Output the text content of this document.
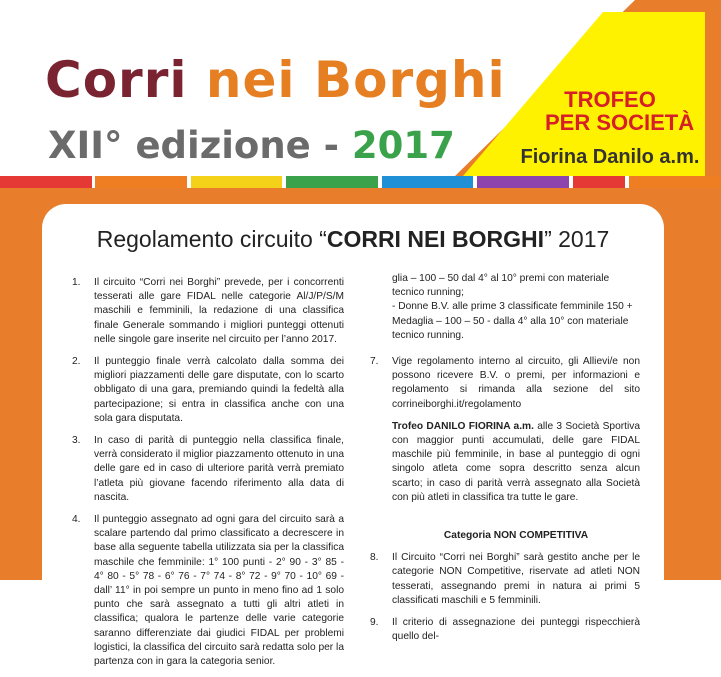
Corri nei Borghi
XII° edizione - 2017
TROFEO
PER SOCIETÀ
Fiorina Danilo a.m.
Regolamento circuito “CORRI NEI BORGHI” 2017
1.	Il circuito “Corri nei Borghi” prevede, per i concorrenti tesserati alle gare FIDAL nelle categorie Al/J/P/S/M maschili e femminili, la redazione di una classifica finale Generale sommando i migliori punteggi ottenuti nelle singole gare inserite nel circuito per l’anno 2017.
2.	Il punteggio finale verrà calcolato dalla somma dei migliori piazzamenti delle gare disputate, con lo scarto obbligato di una gara, premiando quindi la fedeltà alla partecipazione; si entra in classifica anche con una sola gara disputata.
3.	In caso di parità di punteggio nella classifica finale, verrà considerato il miglior piazzamento ottenuto in una delle gare ed in caso di ulteriore parità verrà premiato l’atleta più giovane facendo riferimento alla data di nascita.
4.	Il punteggio assegnato ad ogni gara del circuito sarà a scalare partendo dal primo classificato a decrescere in base alla seguente tabella utilizzata sia per la classifica maschile che femminile: 1° 100 punti - 2° 90 - 3° 85 - 4° 80 - 5° 78 - 6° 76 - 7° 74 - 8° 72 - 9° 70 - 10° 69 - dall’ 11° in poi sempre un punto in meno fino ad 1 solo punto che sarà assegnato a tutti gli altri atleti in classifica; qualora le partenze delle varie categorie saranno differenziate dai giudici FIDAL per problemi logistici, la classifica del circuito sarà redatta solo per la partenza con in gara la categoria senior.

glia – 100 – 50 dal 4° al 10° premi con materiale tecnico running;

- Donne B.V. alle prime 3 classificate femminile 150 + Medaglia – 100 – 50 - dalla 4° alla 10° con materiale tecnico running.

7.	Vige regolamento interno al circuito, gli Allievi/e non possono ricevere B.V. o premi, per informazioni e regolamento si rimanda alla sezione del sito corrineiborghi.it/regolamento

Trofeo DANILO FIORINA a.m. alle 3 Società Sportiva con maggior punti accumulati, delle gare FIDAL maschile più femminile, in base al punteggio di ogni singolo atleta come sopra descritto senza alcun scarto; in caso di parità verrà assegnato alla Società con più atleti in classifica tra tutte le gare.

Categoria NON COMPETITIVA
8.	Il Circuito “Corri nei Borghi” sarà gestito anche per le categorie NON Competitive, riservate ad atleti NON tesserati, assegnando premi in natura ai primi 5 classificati maschili e 5 femminili.
9.	Il criterio di assegnazione dei punteggi rispecchierà quello del-
